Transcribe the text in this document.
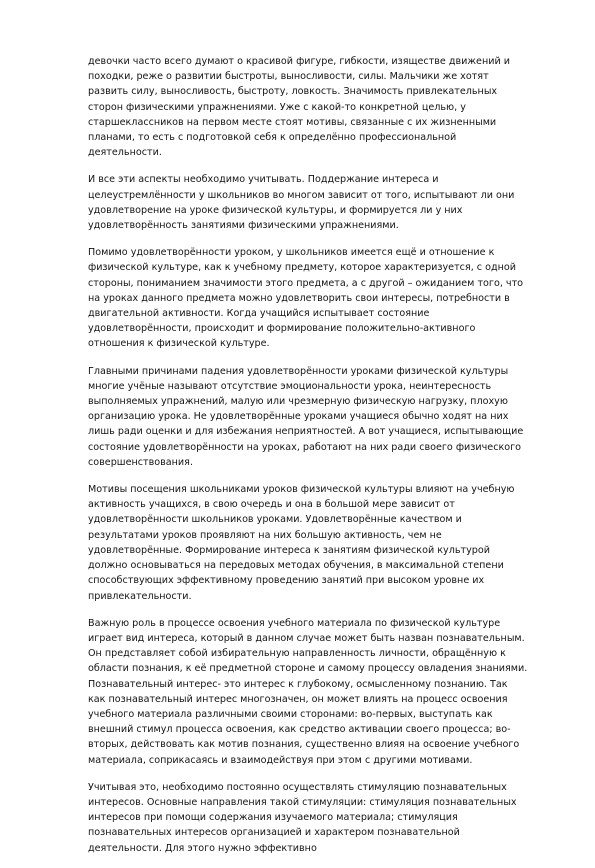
девочки часто всего думают о красивой фигуре, гибкости, изяществе движений и походки, реже о развитии быстроты, выносливости, силы. Мальчики же хотят развить силу, выносливость, быстроту, ловкость. Значимость привлекательных сторон физическими упражнениями. Уже с какой-то конкретной целью, у старшеклассников на первом месте стоят мотивы, связанные с их жизненными планами, то есть с подготовкой себя к определённо профессиональной деятельности.

И все эти аспекты необходимо учитывать. Поддержание интереса и целеустремлённости у школьников во многом зависит от того, испытывают ли они удовлетворение на уроке физической культуры, и формируется ли у них удовлетворённость занятиями физическими упражнениями.

Помимо удовлетворённости уроком, у школьников имеется ещё и отношение к физической культуре, как к учебному предмету, которое характеризуется, с одной стороны, пониманием значимости этого предмета, а с другой – ожиданием того, что на уроках данного предмета можно удовлетворить свои интересы, потребности в двигательной активности. Когда учащийся испытывает состояние удовлетворённости, происходит и формирование положительно-активного отношения к физической культуре.

Главными причинами падения удовлетворённости уроками физической культуры многие учёные называют отсутствие эмоциональности урока, неинтересность выполняемых упражнений, малую или чрезмерную физическую нагрузку, плохую организацию урока. Не удовлетворённые уроками учащиеся обычно ходят на них лишь ради оценки и для избежания неприятностей. А вот учащиеся, испытывающие состояние удовлетворённости на уроках, работают на них ради своего физического совершенствования.

Мотивы посещения школьниками уроков физической культуры влияют на учебную активность учащихся, в свою очередь и она в большой мере зависит от удовлетворённости школьников уроками. Удовлетворённые качеством и результатами уроков проявляют на них большую активность, чем не удовлетворённые. Формирование интереса к занятиям физической культурой должно основываться на передовых методах обучения, в максимальной степени способствующих эффективному проведению занятий при высоком уровне их привлекательности.

Важную роль в процессе освоения учебного материала по физической культуре играет вид интереса, который в данном случае может быть назван познавательным. Он представляет собой избирательную направленность личности, обращённую к области познания, к её предметной стороне и самому процессу овладения знаниями. Познавательный интерес- это интерес к глубокому, осмысленному познанию. Так как познавательный интерес многозначен, он может влиять на процесс освоения учебного материала различными своими сторонами: во-первых, выступать как внешний стимул процесса освоения, как средство активации своего процесса; во-вторых, действовать как мотив познания, существенно влияя на освоение учебного материала, соприкасаясь и взаимодействуя при этом с другими мотивами.

Учитывая это, необходимо постоянно осуществлять стимуляцию познавательных интересов. Основные направления такой стимуляции: стимуляция познавательных интересов при помощи содержания изучаемого материала; стимуляция познавательных интересов организацией и характером познавательной деятельности. Для этого нужно эффективно
